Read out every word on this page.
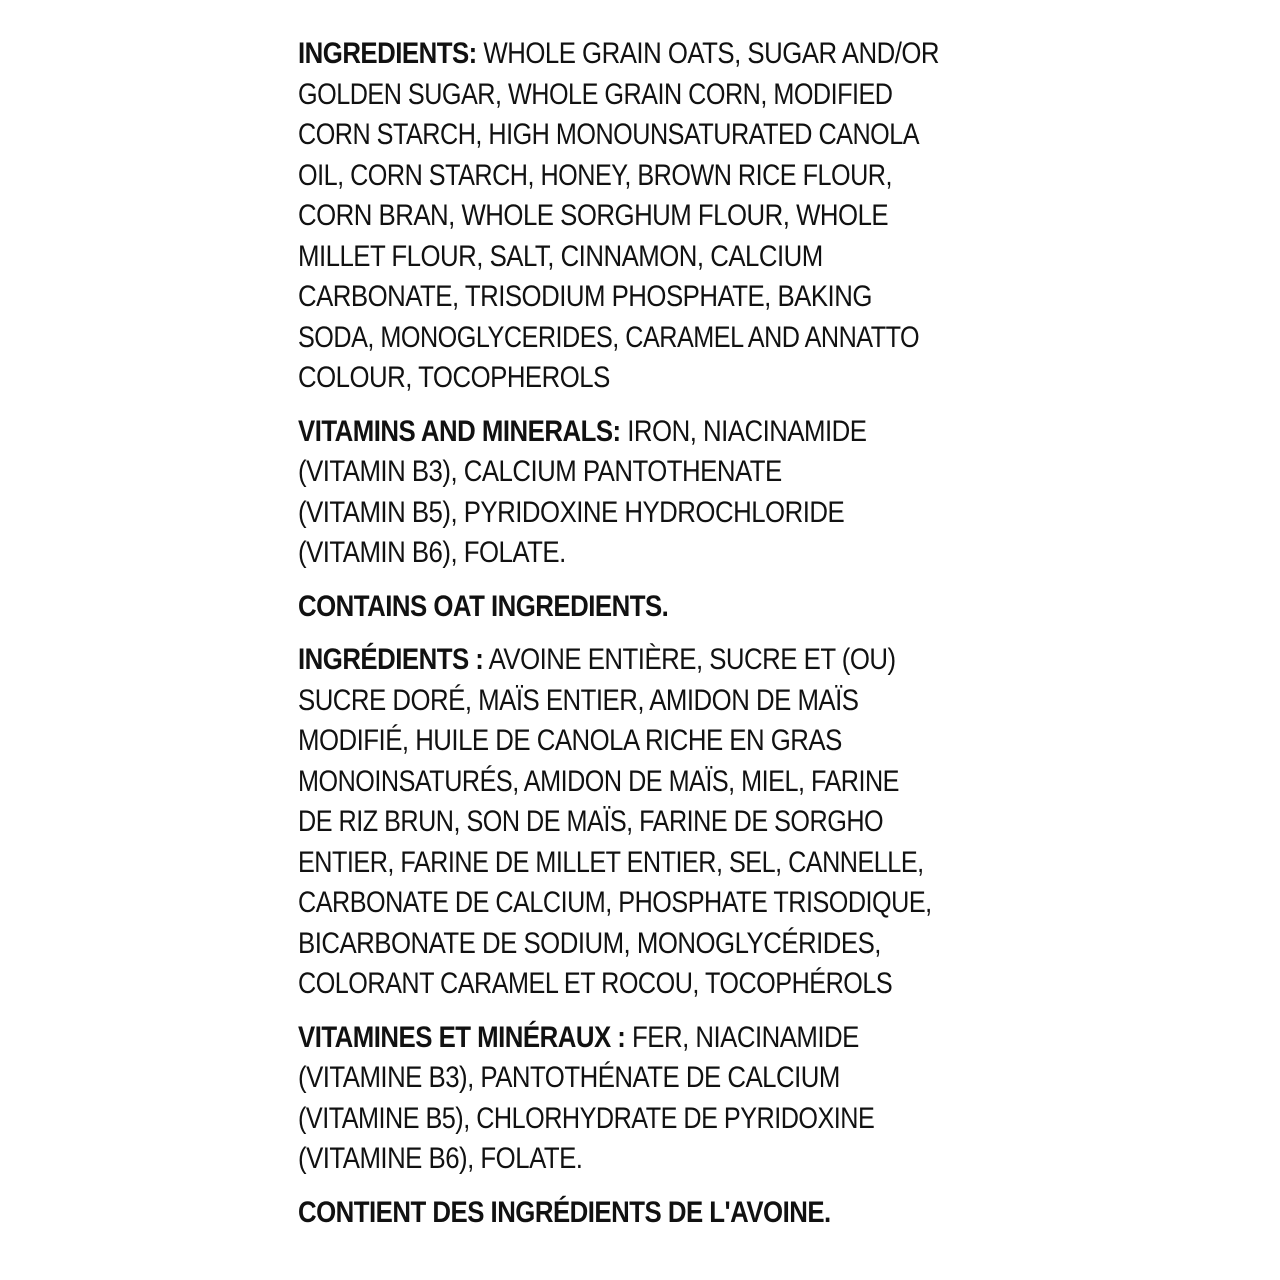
INGREDIENTS: WHOLE GRAIN OATS, SUGAR AND/OR
GOLDEN SUGAR, WHOLE GRAIN CORN, MODIFIED
CORN STARCH, HIGH MONOUNSATURATED CANOLA
OIL, CORN STARCH, HONEY, BROWN RICE FLOUR,
CORN BRAN, WHOLE SORGHUM FLOUR, WHOLE
MILLET FLOUR, SALT, CINNAMON, CALCIUM
CARBONATE, TRISODIUM PHOSPHATE, BAKING
SODA, MONOGLYCERIDES, CARAMEL AND ANNATTO
COLOUR, TOCOPHEROLS
VITAMINS AND MINERALS: IRON, NIACINAMIDE
(VITAMIN B3), CALCIUM PANTOTHENATE
(VITAMIN B5), PYRIDOXINE HYDROCHLORIDE
(VITAMIN B6), FOLATE.
CONTAINS OAT INGREDIENTS.
INGRÉDIENTS : AVOINE ENTIÈRE, SUCRE ET (OU)
SUCRE DORÉ, MAÏS ENTIER, AMIDON DE MAÏS
MODIFIÉ, HUILE DE CANOLA RICHE EN GRAS
MONOINSATURÉS, AMIDON DE MAÏS, MIEL, FARINE
DE RIZ BRUN, SON DE MAÏS, FARINE DE SORGHO
ENTIER, FARINE DE MILLET ENTIER, SEL, CANNELLE,
CARBONATE DE CALCIUM, PHOSPHATE TRISODIQUE,
BICARBONATE DE SODIUM, MONOGLYCÉRIDES,
COLORANT CARAMEL ET ROCOU, TOCOPHÉROLS
VITAMINES ET MINÉRAUX : FER, NIACINAMIDE
(VITAMINE B3), PANTOTHÉNATE DE CALCIUM
(VITAMINE B5), CHLORHYDRATE DE PYRIDOXINE
(VITAMINE B6), FOLATE.
CONTIENT DES INGRÉDIENTS DE L'AVOINE.
